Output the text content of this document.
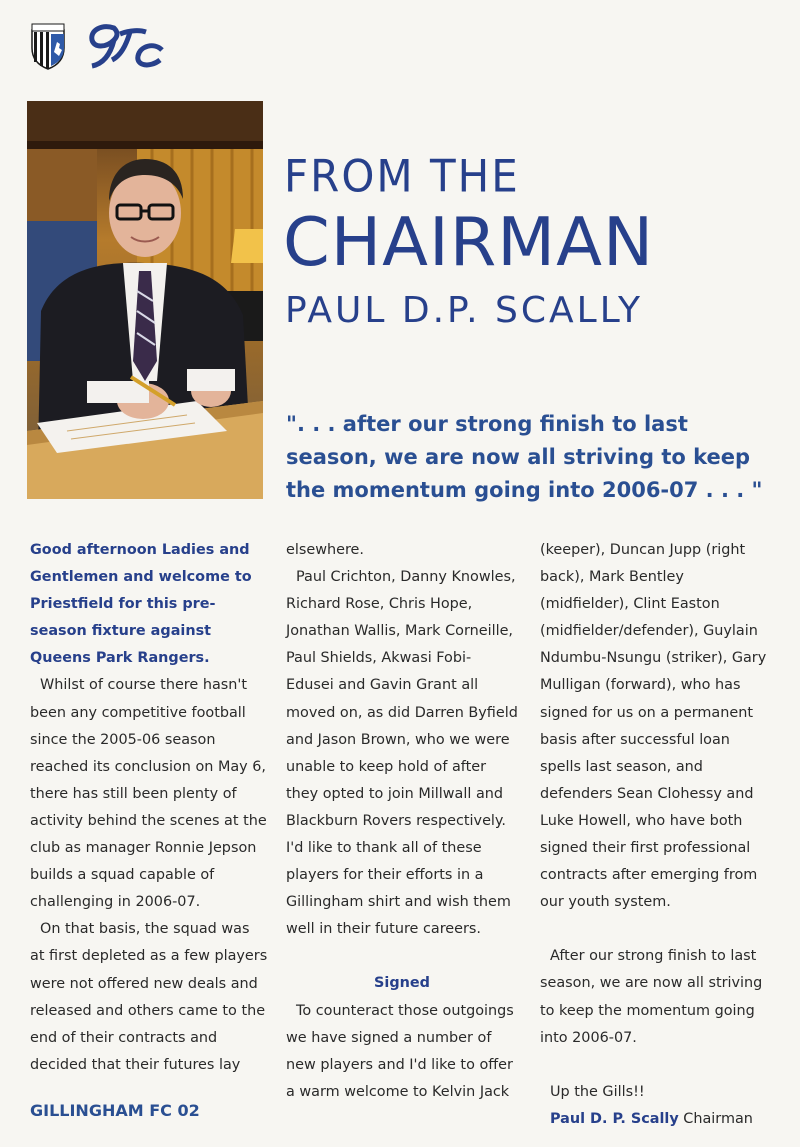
FROM THE
CHAIRMAN
PAUL D.P. SCALLY
". . . after our strong finish to last season, we are now all striving to keep the momentum going into 2006-07 . . . "

Good afternoon Ladies and Gentlemen and welcome to Priestfield for this pre-season fixture against Queens Park Rangers.

Whilst of course there hasn't been any competitive football since the 2005-06 season reached its conclusion on May 6, there has still been plenty of activity behind the scenes at the club as manager Ronnie Jepson builds a squad capable of challenging in 2006-07.

On that basis, the squad was at first depleted as a few players were not offered new deals and released and others came to the end of their contracts and decided that their futures lay

elsewhere.

Paul Crichton, Danny Knowles, Richard Rose, Chris Hope, Jonathan Wallis, Mark Corneille, Paul Shields, Akwasi Fobi-Edusei and Gavin Grant all moved on, as did Darren Byfield and Jason Brown, who we were unable to keep hold of after they opted to join Millwall and Blackburn Rovers respectively. I'd like to thank all of these players for their efforts in a Gillingham shirt and wish them well in their future careers.

Signed

To counteract those outgoings we have signed a number of new players and I'd like to offer a warm welcome to Kelvin Jack

(keeper), Duncan Jupp (right back), Mark Bentley (midfielder), Clint Easton (midfielder/defender), Guylain Ndumbu-Nsungu (striker), Gary Mulligan (forward), who has signed for us on a permanent basis after successful loan spells last season, and defenders Sean Clohessy and Luke Howell, who have both signed their first professional contracts after emerging from our youth system.

After our strong finish to last season, we are now all striving to keep the momentum going into 2006-07.

Up the Gills!!

Paul D. P. Scally Chairman

GILLINGHAM FC 02
